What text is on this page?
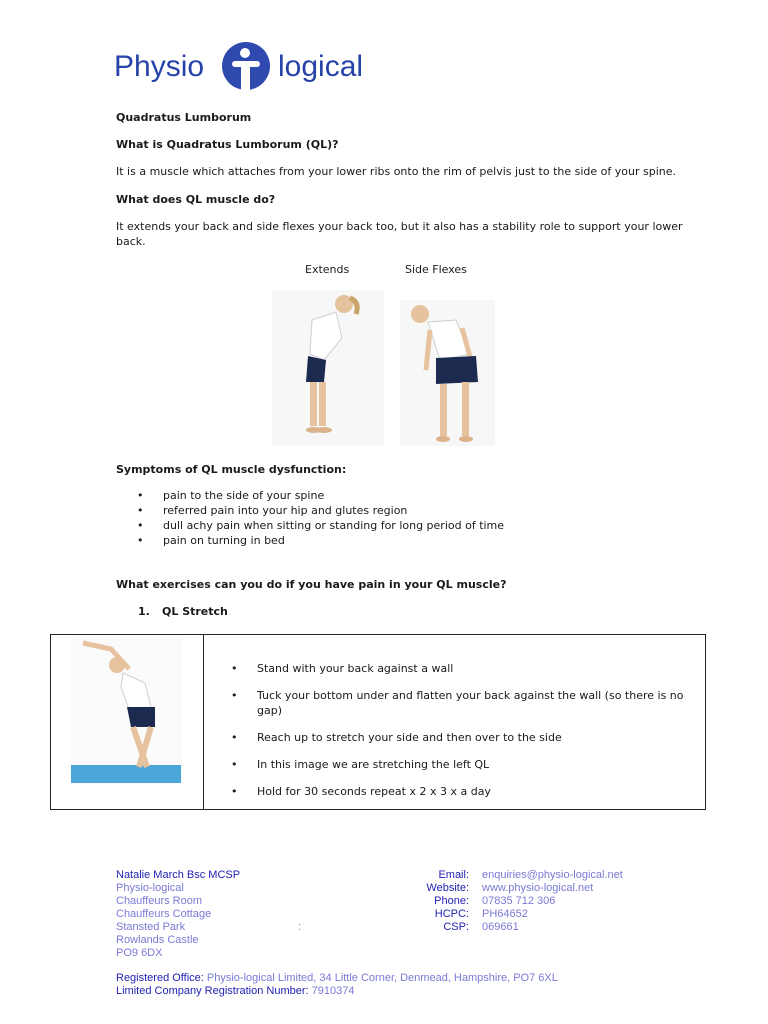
Physio logical
Quadratus Lumborum
What is Quadratus Lumborum (QL)?
It is a muscle which attaches from your lower ribs onto the rim of pelvis just to the side of your spine.
What does QL muscle do?
It extends your back and side flexes your back too, but it also has a stability role to support your lower
back.
Extends	Side Flexes
Symptoms of QL muscle dysfunction:
• pain to the side of your spine
• referred pain into your hip and glutes region
• dull achy pain when sitting or standing for long period of time
• pain on turning in bed
What exercises can you do if you have pain in your QL muscle?
1. QL Stretch
• Stand with your back against a wall
• Tuck your bottom under and flatten your back against the wall (so there is no gap)
• Reach up to stretch your side and then over to the side
• In this image we are stretching the left QL
• Hold for 30 seconds repeat x 2 x 3 x a day
Natalie March Bsc MCSP
Physio-logical
Chauffeurs Room
Chauffeurs Cottage
Stansted Park
Rowlands Castle
PO9 6DX
:
Email:
Website:
Phone:
HCPC:
CSP:
enquiries@physio-logical.net
www.physio-logical.net
07835 712 306
PH64652
069661
Registered Office: Physio-logical Limited, 34 Little Corner, Denmead, Hampshire, PO7 6XL
Limited Company Registration Number: 7910374
